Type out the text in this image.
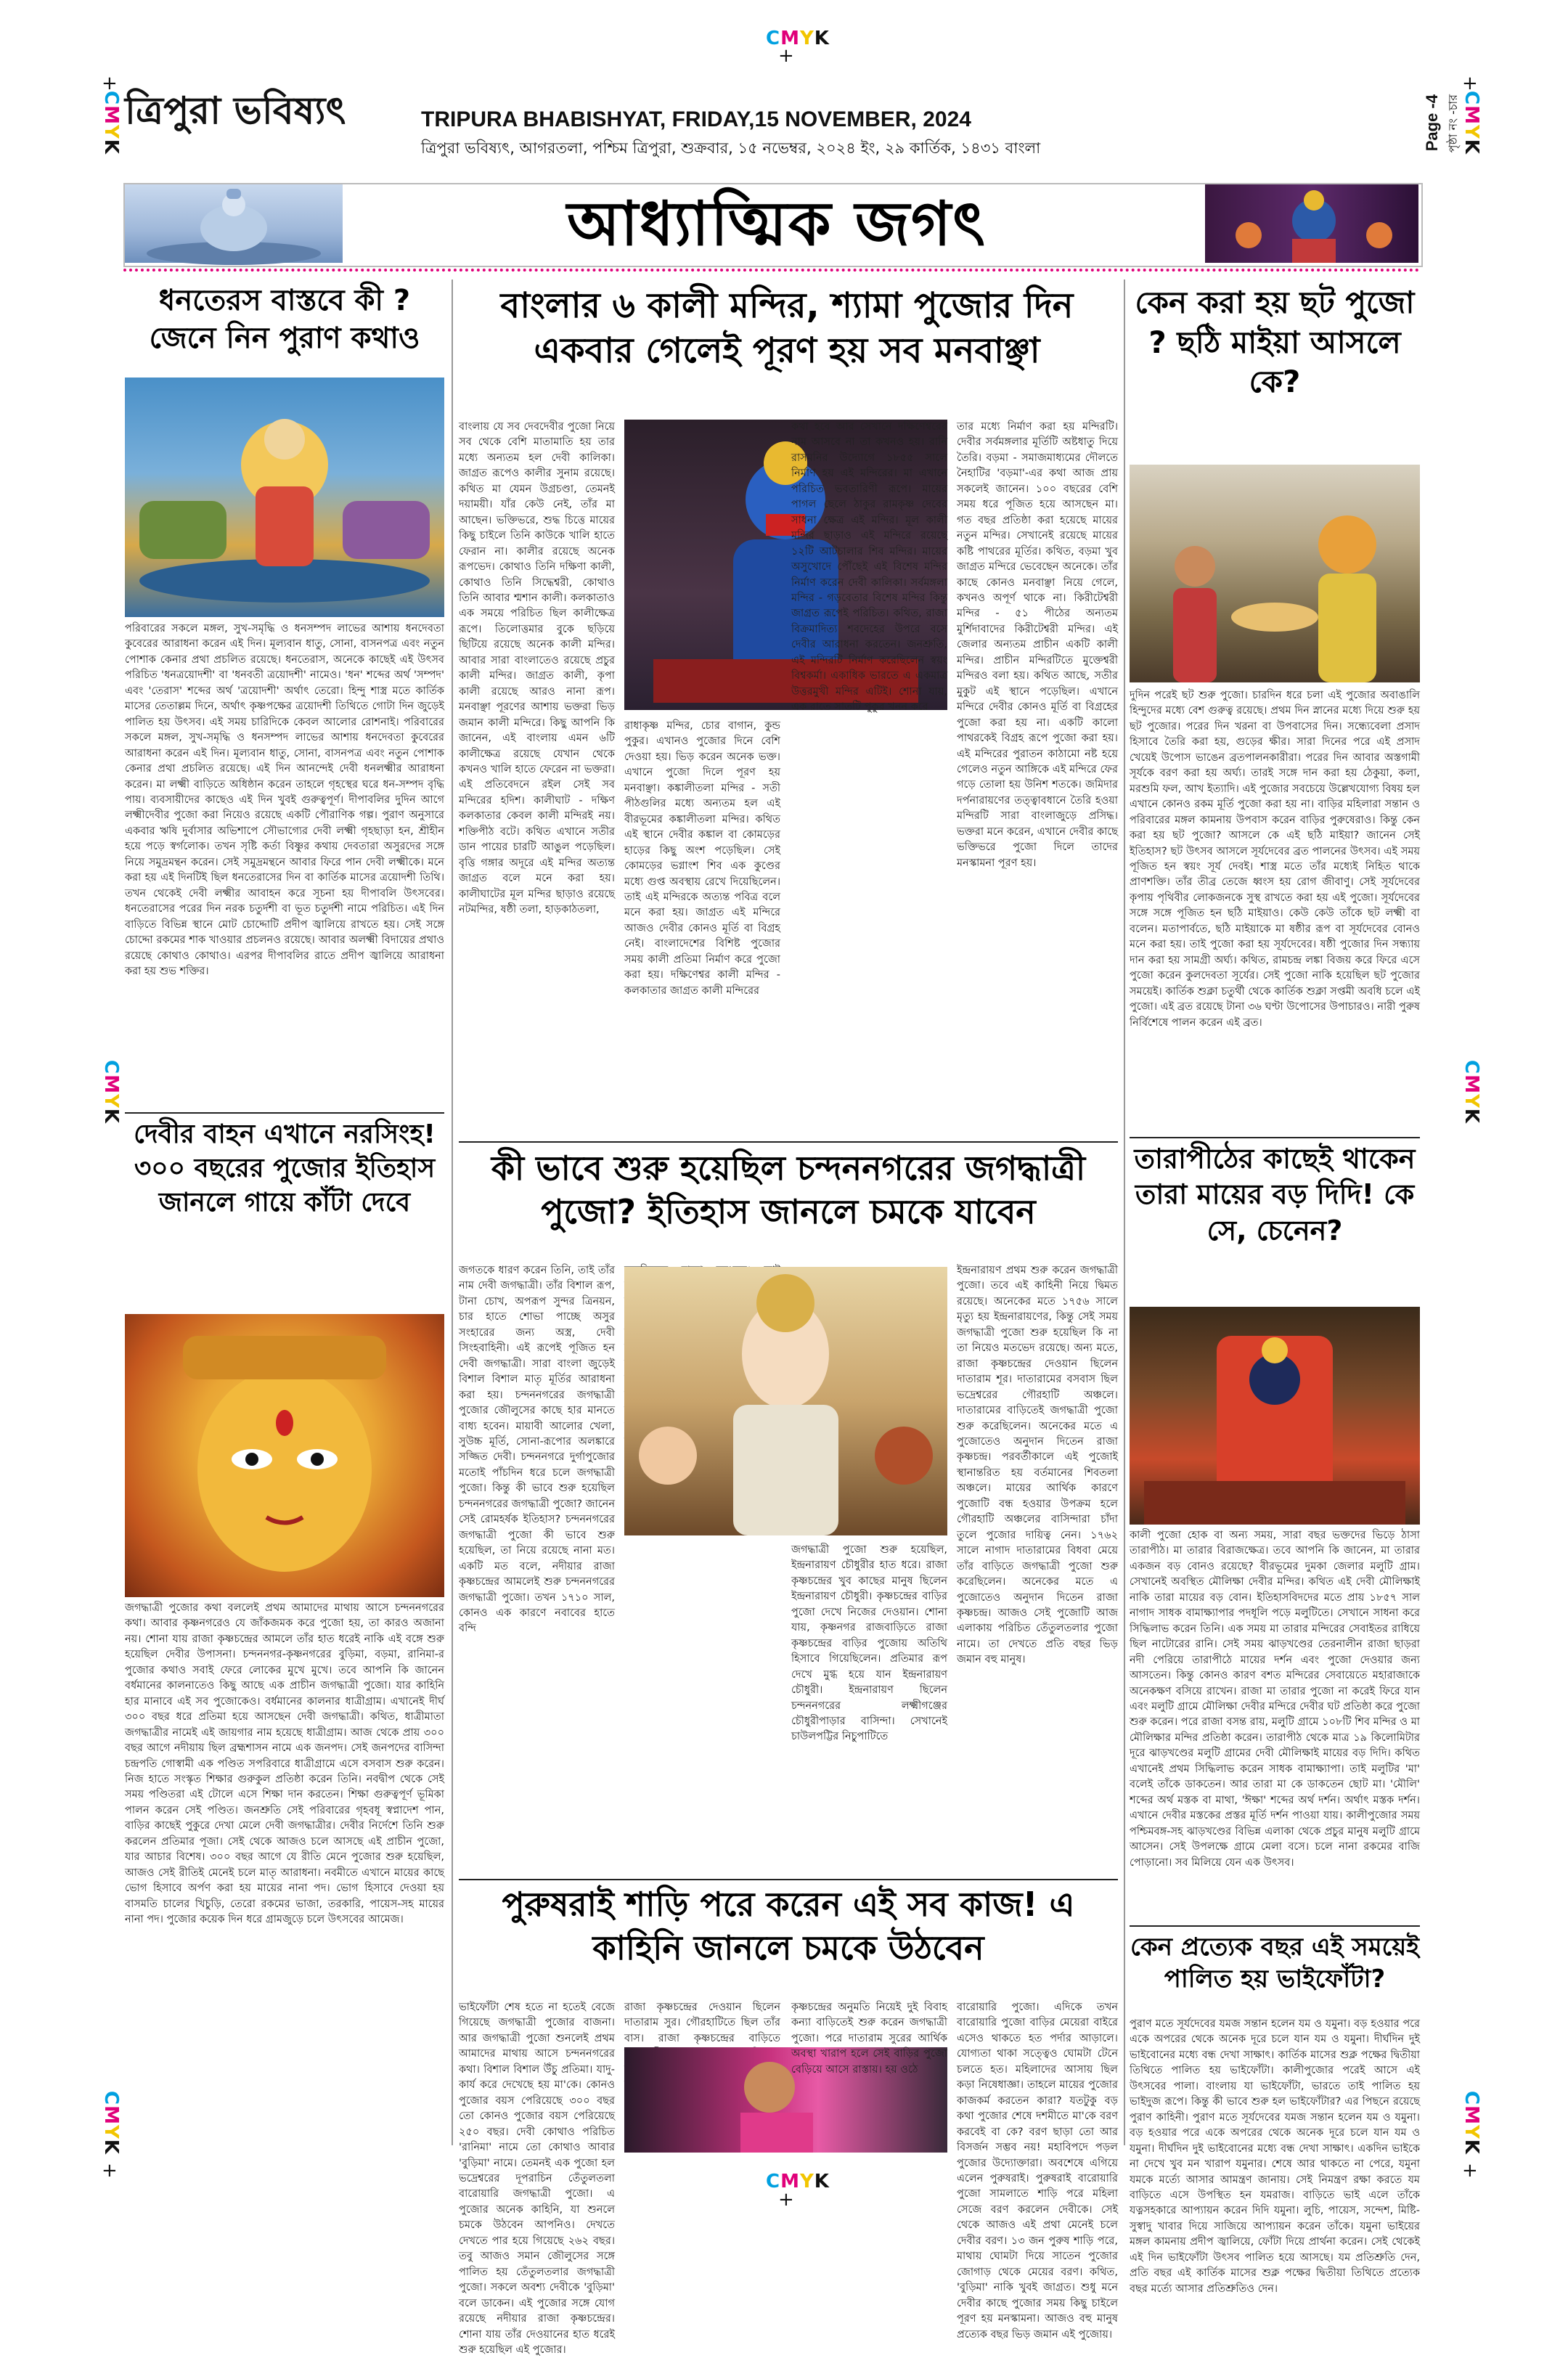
CMYK
+
CMYK
+
CMYK
+
CMYK
CMYK
CMYK
+
CMYK
+
CMYK
+
ত্রিপুরা ভবিষ্যৎ	TRIPURA BHABISHYAT, FRIDAY,15 NOVEMBER, 2024
ত্রিপুরা ভবিষ্যৎ, আগরতলা, পশ্চিম ত্রিপুরা, শুক্রবার, ১৫ নভেম্বর, ২০২৪ ইং, ২৯ কার্তিক, ১৪৩১ বাংলা	Page -4 পৃষ্ঠা নং -চার
আধ্যাত্মিক জগৎ
ধনতেরস বাস্তবে কী ? জেনে নিন পুরাণ কথাও
পরিবারের সকলে মঙ্গল, সুখ-সমৃদ্ধি ও ধনসম্পদ লাভের আশায় ধনদেবতা কুবেরের আরাধনা করেন এই দিন। মূল্যবান ধাতু, সোনা, বাসনপত্র এবং নতুন পোশাক কেনার প্রথা প্রচলিত রয়েছে। ধনতেরাস, অনেকে কাছেই এই উৎসব পরিচিত 'ধনত্রয়োদশী' বা 'ধনবতী ত্রয়োদশী' নামেও। 'ধন' শব্দের অর্থ 'সম্পদ' এবং 'তেরাস' শব্দের অর্থ 'ত্রয়োদশী' অর্থাৎ তেরো। হিন্দু শাস্ত্র মতে কার্তিক মাসের তেতাল্লম দিনে, অর্থাৎ কৃষ্ণপক্ষের ত্রয়োদশী তিথিতে গোটা দিন জুড়েই পালিত হয় উৎসব। এই সময় চারিদিকে কেবল আলোর রোশনাই। পরিবারের সকলে মঙ্গল, সুখ-সমৃদ্ধি ও ধনসম্পদ লাভের আশায় ধনদেবতা কুবেরের আরাধনা করেন এই দিন। মূল্যবান ধাতু, সোনা, বাসনপত্র এবং নতুন পোশাক কেনার প্রথা প্রচলিত রয়েছে। এই দিন আনন্দেই দেবী ধনলক্ষ্মীর আরাধনা করেন। মা লক্ষ্মী বাড়িতে অধিষ্ঠান করেন তাহলে গৃহস্থের ঘরে ধন-সম্পদ বৃদ্ধি পায়। ব্যবসায়ীদের কাছেও এই দিন খুবই গুরুত্বপূর্ণ। দীপাবলির দুদিন আগে লক্ষ্মীদেবীর পুজো করা নিয়েও রয়েছে একটি পৌরাণিক গল্প। পুরাণ অনুসারে একবার ঋষি দুর্বাসার অভিশাপে সৌভাগ্যের দেবী লক্ষ্মী গৃহছাড়া হন, শ্রীহীন হয়ে পড়ে স্বর্গলোক। তখন সৃষ্টি কর্তা বিষ্ণুর কথায় দেবতারা অসুরদের সঙ্গে নিয়ে সমুদ্রমন্থন করেন। সেই সমুদ্রমন্থনে আবার ফিরে পান দেবী লক্ষ্মীকে। মনে করা হয় এই দিনটিই ছিল ধনতেরাসের দিন বা কার্তিক মাসের ত্রয়োদশী তিথি। তখন থেকেই দেবী লক্ষ্মীর আবাহন করে সূচনা হয় দীপাবলি উৎসবের। ধনতেরাসের পরের দিন নরক চতুর্দশী বা ভূত চতুর্দশী নামে পরিচিত। এই দিন বাড়িতে বিভিন্ন স্থানে মোট চোদ্দোটি প্রদীপ জ্বালিয়ে রাখতে হয়। সেই সঙ্গে চোদ্দো রকমের শাক খাওয়ার প্রচলনও রয়েছে। আবার অলক্ষ্মী বিদায়ের প্রথাও রয়েছে কোথাও কোথাও। এরপর দীপাবলির রাতে প্রদীপ জ্বালিয়ে আরাধনা করা হয় শুভ শক্তির।
দেবীর বাহন এখানে নরসিংহ! ৩০০ বছরের পুজোর ইতিহাস জানলে গায়ে কাঁটা দেবে
জগদ্ধাত্রী পুজোর কথা বললেই প্রথম আমাদের মাথায় আসে চন্দননগরের কথা। আবার কৃষ্ণনগরেও যে জাঁকজমক করে পুজো হয়, তা কারও অজানা নয়। শোনা যায় রাজা কৃষ্ণচন্দ্রের আমলে তাঁর হাত ধরেই নাকি এই বঙ্গে শুরু হয়েছিল দেবীর উপাসনা। চন্দননগর-কৃষ্ণনগরের বুড়িমা, বড়মা, রানিমা-র পুজোর কথাও সবাই ফেরে লোকের মুখে মুখে। তবে আপনি কি জানেন বর্ধমানের কালনাতেও কিছু আছে এক প্রাচীন জগদ্ধাত্রী পুজো। যার কাহিনি হার মানাবে এই সব পুজোকেও। বর্ধমানের কালনার ধাত্রীগ্রাম। এখানেই দীর্ঘ ৩০০ বছর ধরে প্রতিমা হয়ে আসছেন দেবী জগদ্ধাত্রী। কথিত, ধাত্রীমাতা জগদ্ধাত্রীর নামেই এই জায়গার নাম হয়েছে ধাত্রীগ্রাম। আজ থেকে প্রায় ৩০০ বছর আগে নদীয়ায় ছিল ব্রহ্মশাসন নামে এক জনপদ। সেই জনপদের বাসিন্দা চন্দ্রপতি গোস্বামী এক পণ্ডিত সপরিবারে ধাত্রীগ্রামে এসে বসবাস শুরু করেন। নিজ হাতে সংস্কৃত শিক্ষার গুরুকুল প্রতিষ্ঠা করেন তিনি। নবদ্বীপ থেকে সেই সময় পণ্ডিতরা এই টোলে এসে শিক্ষা দান করতেন। শিক্ষা গুরুত্বপূর্ণ ভূমিকা পালন করেন সেই পণ্ডিত। জনশ্রুতি সেই পরিবারের গৃহবধূ স্বপ্নাদেশ পান, বাড়ির কাছেই পুকুরে দেখা মেলে দেবী জগদ্ধাত্রীর। দেবীর নির্দেশে তিনি শুরু করলেন প্রতিমার পূজা। সেই থেকে আজও চলে আসছে এই প্রাচীন পুজো, যার আচার বিশেষ। ৩০০ বছর আগে যে রীতি মেনে পুজোর শুরু হয়েছিল, আজও সেই রীতিই মেনেই চলে মাতৃ আরাধনা। নবমীতে এখানে মায়ের কাছে ভোগ হিসাবে অর্পণ করা হয় মায়ের নানা পদ। ভোগ হিসাবে দেওয়া হয় বাসমতি চালের খিচুড়ি, তেরো রকমের ভাজা, তরকারি, পায়েস-সহ মায়ের নানা পদ। পুজোর কয়েক দিন ধরে গ্রামজুড়ে চলে উৎসবের আমেজ।
বাংলার ৬ কালী মন্দির, শ্যামা পুজোর দিন একবার গেলেই পূরণ হয় সব মনবাঞ্ছা
বাংলায় যে সব দেবদেবীর পুজো নিয়ে সব থেকে বেশি মাতামাতি হয় তার মধ্যে অন্যতম হল দেবী কালিকা। জাগ্রত রূপেও কালীর সুনাম রয়েছে। কথিত মা যেমন উগ্রচণ্ডা, তেমনই দয়াময়ী। যাঁর কেউ নেই, তাঁর মা আছেন। ভক্তিভরে, শুদ্ধ চিত্তে মায়ের কিছু চাইলে তিনি কাউকে খালি হাতে ফেরান না। কালীর রয়েছে অনেক রূপভেদ। কোথাও তিনি দক্ষিণা কালী, কোথাও তিনি সিদ্ধেশ্বরী, কোথাও তিনি আবার শ্মশান কালী। কলকাতাও এক সময়ে পরিচিত ছিল কালীক্ষেত্র রূপে। তিলোত্তমার বুকে ছড়িয়ে ছিটিয়ে রয়েছে অনেক কালী মন্দির। আবার সারা বাংলাতেও রয়েছে প্রচুর কালী মন্দির। জাগ্রত কালী, কৃপা কালী রয়েছে আরও নানা রূপ। মনবাঞ্ছা পূরণের আশায় ভক্তরা ভিড় জমান কালী মন্দিরে। কিছু আপনি কি জানেন, এই বাংলায় এমন ৬টি কালীক্ষেত্র রয়েছে যেখান থেকে কখনও খালি হাতে ফেরেন না ভক্তরা। এই প্রতিবেদনে রইল সেই সব মন্দিরের হদিশ। কালীঘাট - দক্ষিণ কলকাতার কেবল কালী মন্দিরই নয়। শক্তিপীঠ বটে। কথিত এখানে সতীর ডান পায়ের চারটি আঙুল পড়েছিল। বৃত্তি গঙ্গার অদূরে এই মন্দির অত্যন্ত জাগ্রত বলে মনে করা হয়। কালীঘাটের মূল মন্দির ছাড়াও রয়েছে নটমন্দির, ষষ্ঠী তলা, হাড়কাঠতলা,
রাধাকৃষ্ণ মন্দির, চোর বাগান, কুন্ড পুকুর। এখানও পুজোর দিনে বেশি দেওয়া হয়। ভিড় করেন অনেক ভক্ত। এখানে পুজো দিলে পূরণ হয় মনবাঞ্ছা। কঙ্কালীতলা মন্দির - সতী পীঠগুলির মধ্যে অন্যতম হল এই বীরভূমের কঙ্কালীতলা মন্দির। কথিত এই স্থানে দেবীর কঙ্কাল বা কোমড়ের হাড়ের কিছু অংশ পড়েছিল। সেই কোমড়ের ভগ্নাংশ শিব এক কুণ্ডের মধ্যে গুপ্ত অবস্থায় রেখে দিয়েছিলেন। তাই এই মন্দিরকে অত্যন্ত পবিত্র বলে মনে করা হয়। জাগ্রত এই মন্দিরে আজও দেবীর কোনও মূর্তি বা বিগ্রহ নেই। বাংলাদেশের বিশিষ্ট পুজোর সময় কালী প্রতিমা নির্মাণ করে পুজো করা হয়। দক্ষিণেশ্বর কালী মন্দির - কলকাতার জাগ্রত কালী মন্দিরের
কথা হবে আর সেখানে দক্ষিণেশ্বরের নাম আসবে না তা কখনও হয়। রানি রাসমনির উদ্যোগে ১৮৫৫ সালে নির্মাণ হয় এই মন্দিরের। মা এখানে পরিচিত ভবতারিণী রূপে। মায়ের পাগল ছেলে ঠাকুর রামকৃষ্ণ দেবের সাধনা ক্ষেত্র এই মন্দির। মূল কালী মন্দির ছাড়াও এই মন্দিরে রয়েছে ১২টি আটচালার শিব মন্দির। মায়ের অসুখোদে পৌঁছেই এই বিশেষ মন্দির নির্মাণ করেন দেবী কালিকা। সর্বমঙ্গলা মন্দির - গড়বেতার বিশেষ মন্দির কিন্তু জাগ্রত রূপেই পরিচিত। কথিত, রাজা বিক্রমাদিত্য শবদেহের উপরে বসে দেবীর আরাধনা করতেন। জনশ্রুতি, এই মন্দিরটি নির্মাণ করেছিলেন স্বয়ং বিশ্বকর্মা। একাধিক ভারতে এ একমাত্র উত্তরমুখী মন্দির এটিই। শোনা যায়, এক রাতে সাতটি পুকুর খনন করে
তার মধ্যে নির্মাণ করা হয় মন্দিরটি। দেবীর সর্বমঙ্গলার মূর্তিটি অষ্টধাতু দিয়ে তৈরি। বড়মা - সমাজমাধ্যমের দৌলতে নৈহাটির 'বড়মা'-এর কথা আজ প্রায় সকলেই জানেন। ১০০ বছরের বেশি সময় ধরে পূজিত হয়ে আসছেন মা। গত বছর প্রতিষ্ঠা করা হয়েছে মায়ের নতুন মন্দির। সেখানেই রয়েছে মায়ের কষ্টি পাথরের মূর্তির। কথিত, বড়মা খুব জাগ্রত মন্দিরে ভেবেছেন অনেকে। তাঁর কাছে কোনও মনবাঞ্ছা নিয়ে গেলে, কখনও অপূর্ণ থাকে না। কিরীটেশ্বরী মন্দির - ৫১ পীঠের অন্যতম মুর্শিদাবাদের কিরীটেশ্বরী মন্দির। এই জেলার অন্যতম প্রাচীন একটি কালী মন্দির। প্রাচীন মন্দিরটিতে মুক্তেশ্বরী মন্দিরও বলা হয়। কথিত আছে, সতীর মুকুট এই স্থানে পড়েছিল। এখানে মন্দিরে দেবীর কোনও মূর্তি বা বিগ্রহের পুজো করা হয় না। একটি কালো পাথরকেই বিগ্রহ রূপে পুজো করা হয়। এই মন্দিরের পুরাতন কাঠামো নষ্ট হয়ে গেলেও নতুন আঙ্গিকে এই মন্দিরে ফের গড়ে তোলা হয় উনিশ শতকে। জমিদার দর্পনারায়ণের তত্ত্বাবধানে তৈরি হওয়া মন্দিরটি সারা বাংলাজুড়ে প্রসিদ্ধ। ভক্তরা মনে করেন, এখানে দেবীর কাছে ভক্তিভরে পুজো দিলে তাদের মনস্কামনা পূরণ হয়।
কী ভাবে শুরু হয়েছিল চন্দননগরের জগদ্ধাত্রী পুজো? ইতিহাস জানলে চমকে যাবেন
জগতকে ধারণ করেন তিনি, তাই তাঁর নাম দেবী জগদ্ধাত্রী। তাঁর বিশাল রূপ, টানা চোখ, অপরূপ সুন্দর ত্রিনয়ন, চার হাতে শোভা পাচ্ছে অসুর সংহারের জন্য অস্ত্র, দেবী সিংহবাহিনী। এই রূপেই পূজিত হন দেবী জগদ্ধাত্রী। সারা বাংলা জুড়েই বিশাল বিশাল মাতৃ মূর্তির আরাধনা করা হয়। চন্দননগরের জগদ্ধাত্রী পুজোর জৌলুসের কাছে হার মানতে বাধ্য হবেন। মায়াবী আলোর খেলা, সুউচ্চ মূর্তি, সোনা-রূপোর অলঙ্কারে সজ্জিত দেবী। চন্দননগরে দুর্গাপুজোর মতোই পাঁচদিন ধরে চলে জগদ্ধাত্রী পুজো। কিন্তু কী ভাবে শুরু হয়েছিল চন্দননগরের জগদ্ধাত্রী পুজো? জানেন সেই রোমহর্ষক ইতিহাস? চন্দননগরের জগদ্ধাত্রী পুজো কী ভাবে শুরু হয়েছিল, তা নিয়ে রয়েছে নানা মত। একটি মত বলে, নদীয়ার রাজা কৃষ্ণচন্দ্রের আমলেই শুরু চন্দননগরের জগদ্ধাত্রী পুজো। তখন ১৭১০ সাল, কোনও এক কারণে নবাবের হাতে বন্দি
জগদ্ধাত্রী পুজো শুরু হয়েছিল, ইন্দ্রনারায়ণ চৌধুরীর হাত ধরে। রাজা কৃষ্ণচন্দ্রের খুব কাছের মানুষ ছিলেন ইন্দ্রনারায়ণ চৌধুরী। কৃষ্ণচন্দ্রের বাড়ির পুজো দেখে নিজের দেওয়ান। শোনা যায়, কৃষ্ণনগর রাজবাড়িতে রাজা কৃষ্ণচন্দ্রের বাড়ির পুজোয় অতিথি হিসাবে গিয়েছিলেন। প্রতিমার রূপ দেখে মুগ্ধ হয়ে যান ইন্দ্রনারায়ণ চৌধুরী। ইন্দ্রনারায়ণ ছিলেন চন্দননগরের লক্ষ্মীগঞ্জের চৌধুরীপাড়ার বাসিন্দা। সেখানেই চাউলপট্টির নিচুপাটিতে
ইন্দ্রনারায়ণ প্রথম শুরু করেন জগদ্ধাত্রী পুজো। তবে এই কাহিনী নিয়ে দ্বিমত রয়েছে। অনেকের মতে ১৭৫৬ সালে মৃত্যু হয় ইন্দ্রনারায়ণের, কিন্তু সেই সময় জগদ্ধাত্রী পুজো শুরু হয়েছিল কি না তা নিয়েও মতভেদ রয়েছে। অন্য মতে, রাজা কৃষ্ণচন্দ্রের দেওয়ান ছিলেন দাতারাম শূর। দাতারামের বসবাস ছিল ভদ্রেশ্বরের গৌরহাটি অঞ্চলে। দাতারামের বাড়িতেই জগদ্ধাত্রী পুজো শুরু করেছিলেন। অনেকের মতে এ পুজোতেও অনুদান দিতেন রাজা কৃষ্ণচন্দ্র। পরবর্তীকালে এই পুজোই স্থানান্তরিত হয় বর্তমানের শিবতলা অঞ্চলে। মায়ের আর্থিক কারণে পুজোটি বন্ধ হওয়ার উপক্রম হলে গৌরহাটি অঞ্চলের বাসিন্দারা চাঁদা তুলে পুজোর দায়িত্ব নেন। ১৭৬২ সালে নাগাদ দাতারামের বিধবা মেয়ে তাঁর বাড়িতে জগদ্ধাত্রী পুজো শুরু করেছিলেন। অনেকের মতে এ পুজোতেও অনুদান দিতেন রাজা কৃষ্ণচন্দ্র। আজও সেই পুজোটি আজ এলাকায় পরিচিত তেঁতুলতলার পুজো নামে। তা দেখতে প্রতি বছর ভিড় জমান বহু মানুষ।
পুরুষরাই শাড়ি পরে করেন এই সব কাজ! এ কাহিনি জানলে চমকে উঠবেন
ভাইফোঁটা শেষ হতে না হতেই বেজে গিয়েছে জগদ্ধাত্রী পুজোর বাজনা। আর জগদ্ধাত্রী পুজো শুনলেই প্রথম আমাদের মাথায় আসে চন্দননগরের কথা। বিশাল বিশাল উঁচু প্রতিমা। যাদু-কার্য করে দেখেছে হয় মা'কে। কোনও পুজোর বয়স পেরিয়েছে ৩০০ বছর তো কোনও পুজোর বয়স পেরিয়েছে ২৫০ বছর। দেবী কোথাও পরিচিত 'রানিমা' নামে তো কোথাও আবার 'বুড়িমা' নামে। তেমনই এক পুজো হল ভদ্রেশ্বরের দূপরাচিন তেঁতুলতলা বারোয়ারি জগদ্ধাত্রী পুজো। এ পুজোর অনেক কাহিনি, যা শুনলে চমকে উঠবেন আপনিও। দেখতে দেখতে পার হয়ে গিয়েছে ২৬২ বছর। তবু আজও সমান জৌলুসের সঙ্গে পালিত হয় তেঁতুলতলার জগদ্ধাত্রী পুজো। সকলে অবশ্য দেবীকে 'বুড়িমা' বলে ডাকেন। এই পুজোর সঙ্গে যোগ রয়েছে নদীয়ার রাজা কৃষ্ণচন্দ্রের। শোনা যায় তাঁর দেওয়ানের হাত ধরেই শুরু হয়েছিল এই পুজোর।
রাজা কৃষ্ণচন্দ্রের দেওয়ান ছিলেন দাতারাম সুর। গৌরহাটিতে ছিল তাঁর বাস। রাজা কৃষ্ণচন্দ্রের বাড়িতে
কৃষ্ণচন্দ্রের অনুমতি নিয়েই দুই বিবাহ কন্যা বাড়িতেই শুরু করেন জগদ্ধাত্রী পুজো। পরে দাতারাম সুরের আর্থিক অবস্থা খারাপ হলে সেই বাড়ির পুজো বেড়িয়ে আসে রাস্তায়। হয় ওঠে
বারোয়ারি পুজো। এদিকে তখন বারোয়ারি পুজো বাড়ির মেয়েরা বাইরে এসেও থাকতে হত পর্দার আড়ালে। যোগ্যতা থাকা সত্ত্বেও ঘোমটা টেনে চলতে হত। মহিলাদের আসায় ছিল কড়া নিষেধাজ্ঞা। তাহলে মায়ের পুজোর কাজকর্ম করতেন কারা? যতটুকু বড় কথা পুজোর শেষে দশমীতে মা'কে বরণ করবেই বা কে? বরণ ছাড়া তো আর বিসর্জন সম্ভব নয়! মহাবিপদে পড়ল পুজোর উদ্যোক্তারা। অবশেষে এগিয়ে এলেন পুরুষরাই। পুরুষরাই বারোয়ারি পুজো সামলাতে শাড়ি পরে মহিলা সেজে বরণ করলেন দেবীকে। সেই থেকে আজও এই প্রথা মেনেই চলে দেবীর বরণ। ১৩ জন পুরুষ শাড়ি পরে, মাথায় ঘোমটা দিয়ে সাতেন পুজোর জোগাড় থেকে মেয়ের বরণ। কথিত, 'বুড়িমা' নাকি খুবই জাগ্রত। শুধু মনে দেবীর কাছে পুজোর সময় কিছু চাইলে পূরণ হয় মনস্কামনা। আজও বহু মানুষ প্রত্যেক বছর ভিড় জমান এই পুজোয়।
কেন করা হয় ছট পুজো ? ছঠি মাইয়া আসলে কে?
দুদিন পরেই ছট শুরু পুজো। চারদিন ধরে চলা এই পুজোর অবাঙালি হিন্দুদের মধ্যে বেশ গুরুত্ব রয়েছে। প্রথম দিন স্নানের মধ্যে দিয়ে শুরু হয় ছট পুজোর। পরের দিন খরনা বা উপবাসের দিন। সন্ধ্যেবেলা প্রসাদ হিসাবে তৈরি করা হয়, গুড়ের ক্ষীর। সারা দিনের পরে এই প্রসাদ খেয়েই উপোস ভাঙেন ব্রতপালনকারীরা। পরের দিন আবার অস্তগামী সূর্যকে বরণ করা হয় অর্ঘ্য। তারই সঙ্গে দান করা হয় ঠেকুয়া, কলা, মরশুমি ফল, আখ ইত্যাদি। এই পুজোর সবচেয়ে উল্লেখযোগ্য বিষয় হল এখানে কোনও রকম মূর্তি পুজো করা হয় না। বাড়ির মহিলারা সন্তান ও পরিবারের মঙ্গল কামনায় উপবাস করেন বাড়ির পুরুষেরাও। কিন্তু কেন করা হয় ছট পুজো? আসলে কে এই ছঠি মাইয়া? জানেন সেই ইতিহাস? ছট উৎসব আসলে সূর্যদেবের ব্রত পালনের উৎসব। এই সময় পূজিত হন স্বয়ং সূর্য দেবই। শাস্ত্র মতে তাঁর মধ্যেই নিহিত থাকে প্রাণশক্তি। তাঁর তীব্র তেজে ধ্বংস হয় রোগ জীবাণু। সেই সূর্যদেবের কৃপায় পৃথিবীর লোকজনকে সুস্থ রাখতে করা হয় এই পুজো। সূর্যদেবের সঙ্গে সঙ্গে পূজিত হন ছঠি মাইয়াও। কেউ কেউ তাঁকে ছট লক্ষ্মী বা বলেন। মতাপার্বতে, ছঠি মাইয়াকে মা ষষ্ঠীর রূপ বা সূর্যদেবের বোনও মনে করা হয়। তাই পুজো করা হয় সূর্যদেবের। ষষ্ঠী পুজোর দিন সন্ধ্যায় দান করা হয় সামগ্ৰী অর্ঘ্য। কথিত, রামচন্দ্র লঙ্কা বিজয় করে ফিরে এসে পুজো করেন কুলদেবতা সূর্যের। সেই পুজো নাকি হয়েছিল ছট পুজোর সময়েই। কার্তিক শুক্লা চতুর্থী থেকে কার্তিক শুক্লা সপ্তমী অবধি চলে এই পুজো। এই ব্রত রয়েছে টানা ৩৬ ঘণ্টা উপোসের উপাচারও। নারী পুরুষ নির্বিশেষে পালন করেন এই ব্রত।
তারাপীঠের কাছেই থাকেন তারা মায়ের বড় দিদি! কে সে, চেনেন?
কালী পুজো হোক বা অন্য সময়, সারা বছর ভক্তদের ভিড়ে ঠাসা তারাপীঠ। মা তারার বিরাজক্ষেত্র। তবে আপনি কি জানেন, মা তারার একজন বড় বোনও রয়েছে? বীরভূমের দুমকা জেলার মলুটি গ্রাম। সেখানেই অবস্থিত মৌলিক্ষা দেবীর মন্দির। কথিত এই দেবী মৌলিক্ষাই নাকি তারা মায়ের বড় বোন। ইতিহাসবিদদের মতে প্রায় ১৮৫৭ সাল নাগাদ সাধক বামাক্ষ্যাপার পদধূলি পড়ে মলুটিতে। সেখানে সাধনা করে সিদ্ধিলাভ করেন তিনি। এক সময় মা তারার মন্দিরের সেবাইতর রাধিয়ে ছিল নাটোরের রানি। সেই সময় ঝাড়খণ্ডের তেরনালীন রাজা ছাড়রা নদী পেরিয়ে তারাপীঠে মায়ের দর্শন এবং পুজো দেওয়ার জন্য আসতেন। কিন্তু কোনও কারণ বশত মন্দিরের সেবায়েতে মহারাজাকে অনেকক্ষণ বসিয়ে রাখেন। রাজা মা তারার পুজো না করেই ফিরে যান এবং মলুটি গ্রামে মৌলিক্ষা দেবীর মন্দিরে দেবীর ঘট প্রতিষ্ঠা করে পুজো শুরু করেন। পরে রাজা বসন্ত রায়, মলুটি গ্রামে ১০৮টি শিব মন্দির ও মা মৌলিক্ষার মন্দির প্রতিষ্ঠা করেন। তারাপীঠ থেকে মাত্র ১৯ কিলোমিটার দূরে ঝাড়খণ্ডের মলুটি গ্রামের দেবী মৌলিক্ষাই মায়ের বড় দিদি। কথিত এখানেই প্রথম সিদ্ধিলাভ করেন সাধক বামাক্ষ্যাপা। তাই মলুটির 'মা' বলেই তাঁকে ডাকতেন। আর তারা মা কে ডাকতেন ছোট মা। 'মৌলি' শব্দের অর্থ মস্তক বা মাথা, 'ঈক্ষা' শব্দের অর্থ দর্শন। অর্থাৎ মস্তক দর্শন। এখানে দেবীর মস্তকের প্রস্তর মূর্তি দর্শন পাওয়া যায়। কালীপুজোর সময় পশ্চিমবঙ্গ-সহ ঝাড়খণ্ডের বিভিন্ন এলাকা থেকে প্রচুর মানুষ মলুটি গ্রামে আসেন। সেই উপলক্ষে গ্রামে মেলা বসে। চলে নানা রকমের বাজি পোড়ানো। সব মিলিয়ে যেন এক উৎসব।
কেন প্রত্যেক বছর এই সময়েই পালিত হয় ভাইফোঁটা?
পুরাণ মতে সূর্যদেবের যমজ সন্তান হলেন যম ও যমুনা। বড় হওয়ার পরে একে অপরের থেকে অনেক দূরে চলে যান যম ও যমুনা। দীর্ঘদিন দুই ভাইবোনের মধ্যে বন্ধ দেখা সাক্ষাৎ। কার্তিক মাসের শুক্ল পক্ষের দ্বিতীয়া তিথিতে পালিত হয় ভাইফোঁটা। কালীপুজোর পরেই আসে এই উৎসবের পালা। বাংলায় যা ভাইফোঁটা, ভারতে তাই পালিত হয় ভাইদুজ রূপে। কিন্তু কী ভাবে শুরু হল ভাইফোঁটার? এর পিছনে রয়েছে পুরাণ কাহিনী। পুরাণ মতে সূর্যদেবের যমজ সন্তান হলেন যম ও যমুনা। বড় হওয়ার পরে একে অপরের থেকে অনেক দূরে চলে যান যম ও যমুনা। দীর্ঘদিন দুই ভাইবোনের মধ্যে বন্ধ দেখা সাক্ষাৎ। একদিন ভাইকে না দেখে খুব মন খারাপ যমুনার। শেষে আর থাকতে না পেরে, যমুনা যমকে মর্ত্যে আসার আমন্ত্রণ জানায়। সেই নিমন্ত্রণ রক্ষা করতে যম বাড়িতে এসে উপস্থিত হন যমরাজ। বাড়িতে ভাই এলে তাঁকে যত্নসহকারে আপ্যায়ন করেন দিদি যমুনা। লুচি, পায়েস, সন্দেশ, মিষ্টি-সুস্বাদু খাবার দিয়ে সাজিয়ে আপ্যায়ন করেন তাঁকে। যমুনা ভাইয়ের মঙ্গল কামনায় প্রদীপ জ্বালিয়ে, ফোঁটা দিয়ে প্রার্থনা করেন। সেই থেকেই এই দিন ভাইফোঁটা উৎসব পালিত হয়ে আসছে। যম প্রতিশ্রুতি দেন, প্রতি বছর এই কার্তিক মাসের শুক্ল পক্ষের দ্বিতীয়া তিথিতে প্রত্যেক বছর মর্ত্যে আসার প্রতিশ্রুতিও দেন।
